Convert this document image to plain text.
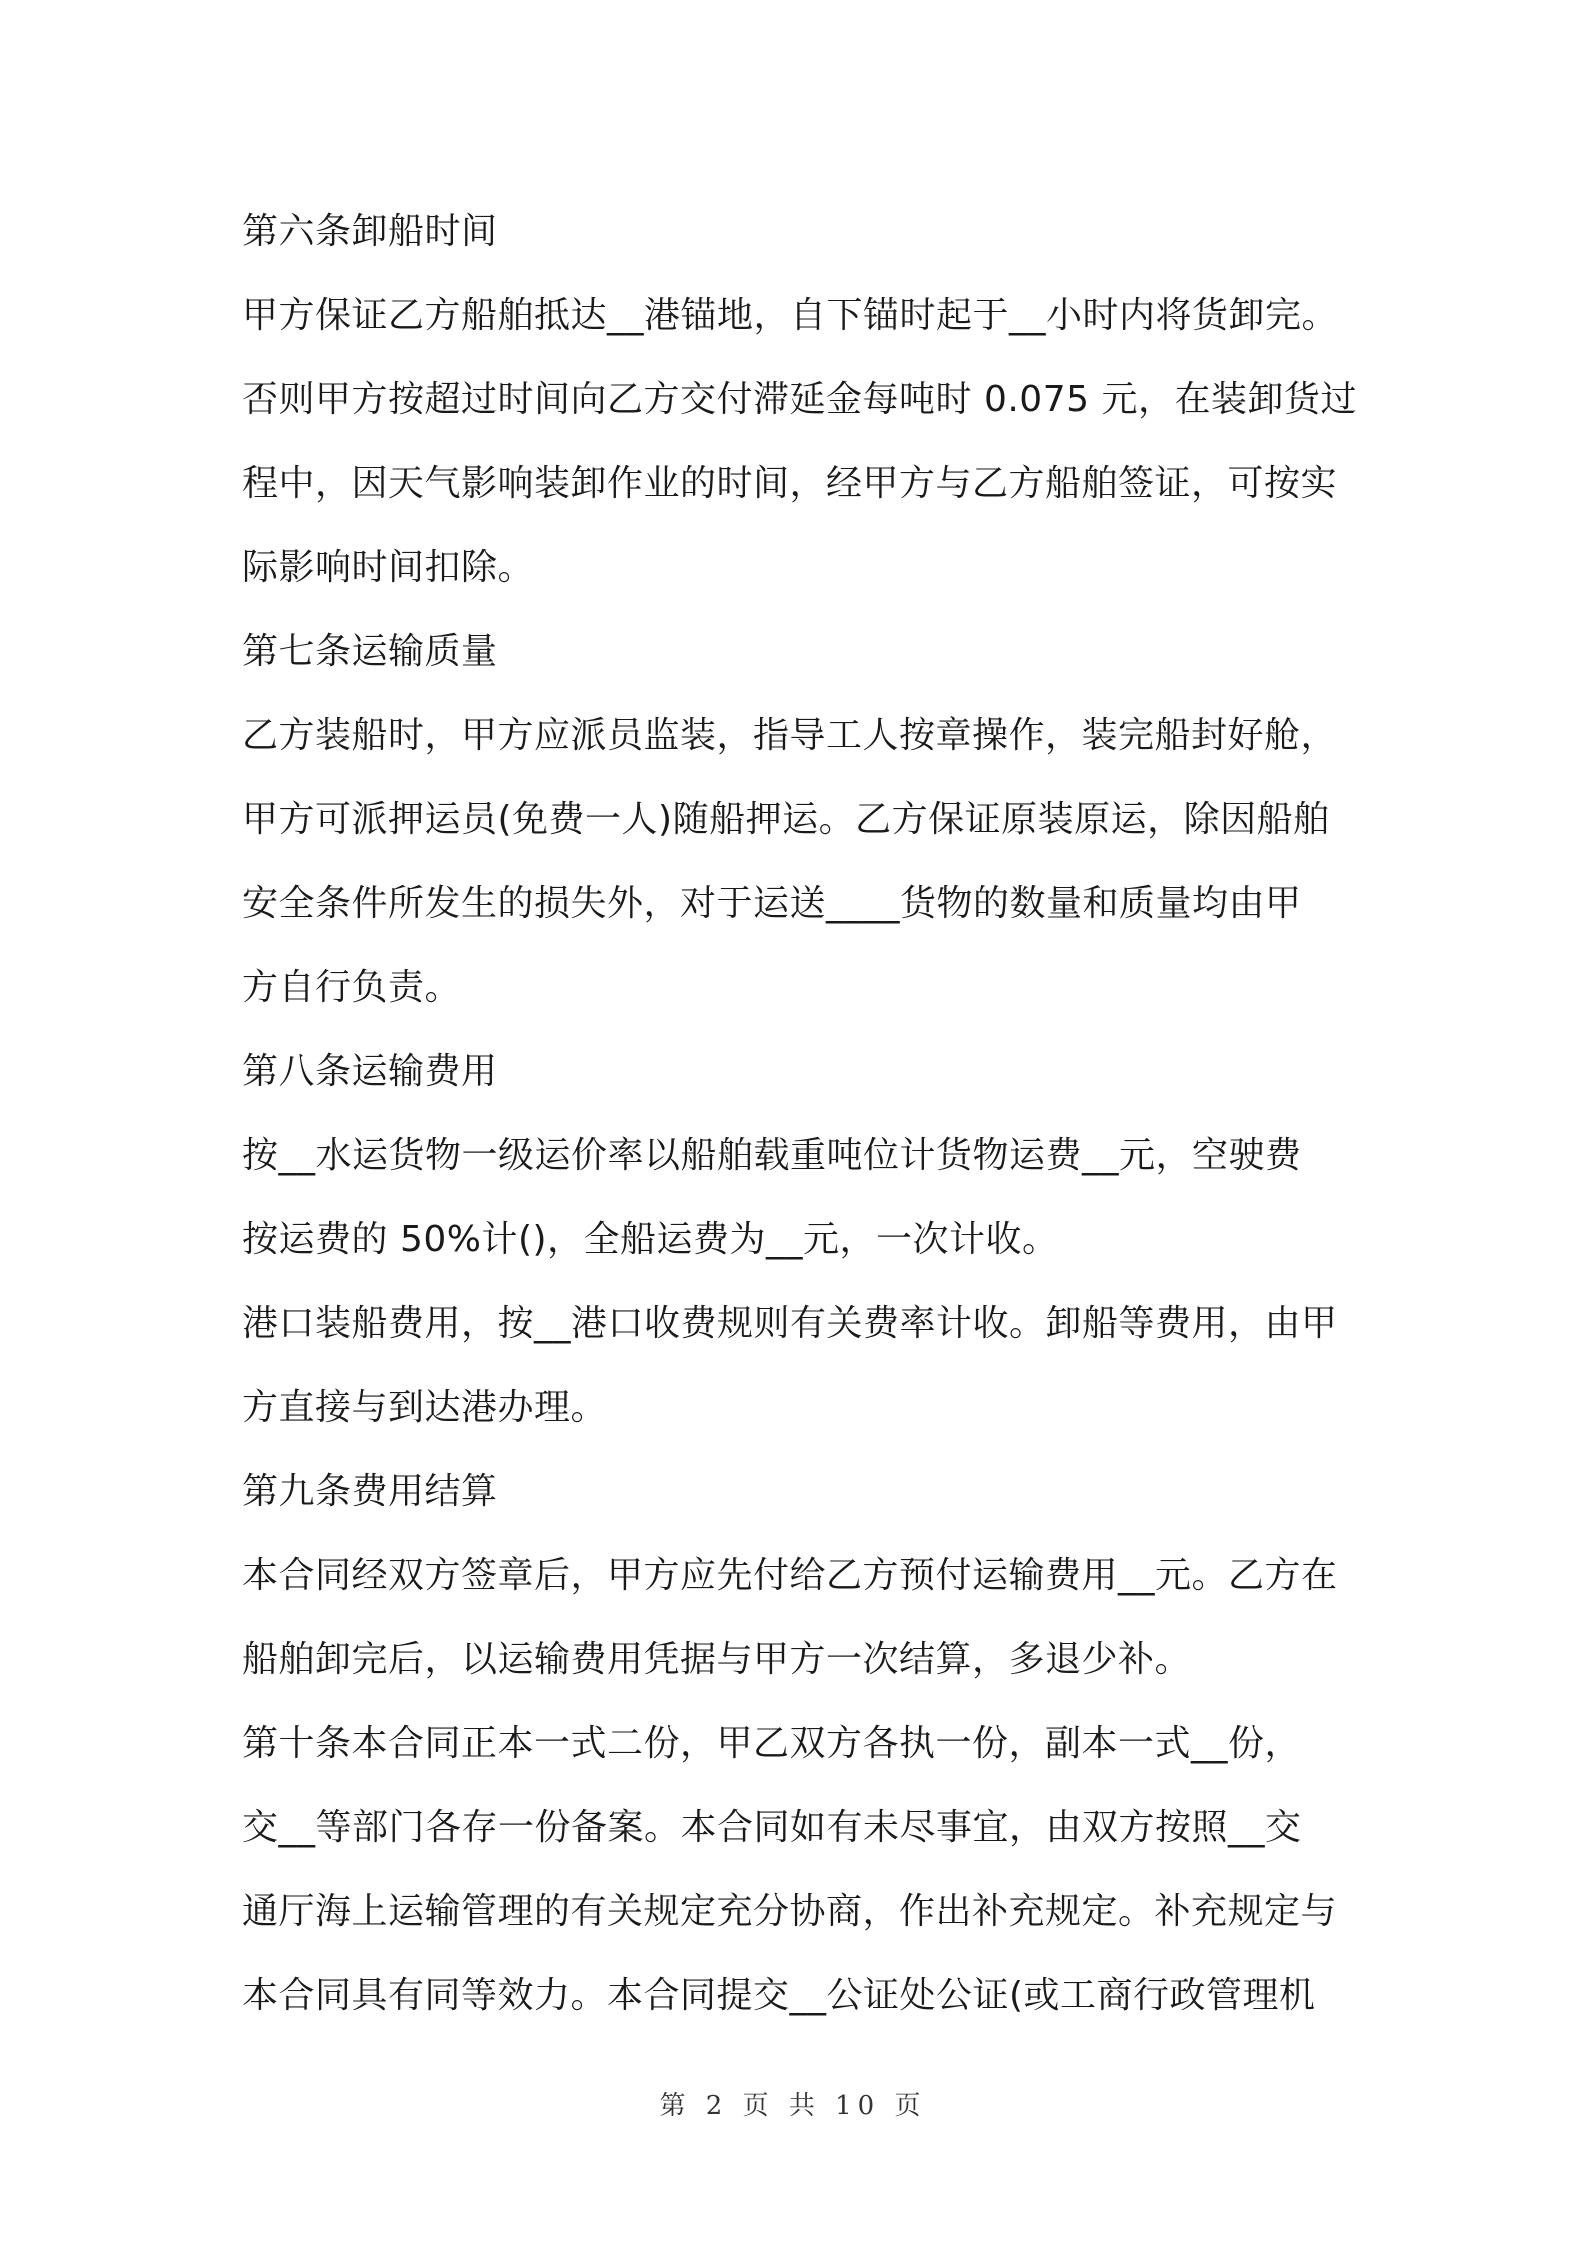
第六条卸船时间
甲方保证乙方船舶抵达__港锚地，自下锚时起于__小时内将货卸完。
否则甲方按超过时间向乙方交付滞延金每吨时 0.075 元，在装卸货过
程中，因天气影响装卸作业的时间，经甲方与乙方船舶签证，可按实
际影响时间扣除。
第七条运输质量
乙方装船时，甲方应派员监装，指导工人按章操作，装完船封好舱，
甲方可派押运员(免费一人)随船押运。乙方保证原装原运，除因船舶
安全条件所发生的损失外，对于运送____货物的数量和质量均由甲
方自行负责。
第八条运输费用
按__水运货物一级运价率以船舶载重吨位计货物运费__元，空驶费
按运费的 50%计()，全船运费为__元，一次计收。
港口装船费用，按__港口收费规则有关费率计收。卸船等费用，由甲
方直接与到达港办理。
第九条费用结算
本合同经双方签章后，甲方应先付给乙方预付运输费用__元。乙方在
船舶卸完后，以运输费用凭据与甲方一次结算，多退少补。
第十条本合同正本一式二份，甲乙双方各执一份，副本一式__份，
交__等部门各存一份备案。本合同如有未尽事宜，由双方按照__交
通厅海上运输管理的有关规定充分协商，作出补充规定。补充规定与
本合同具有同等效力。本合同提交__公证处公证(或工商行政管理机
第 2 页 共 10 页
